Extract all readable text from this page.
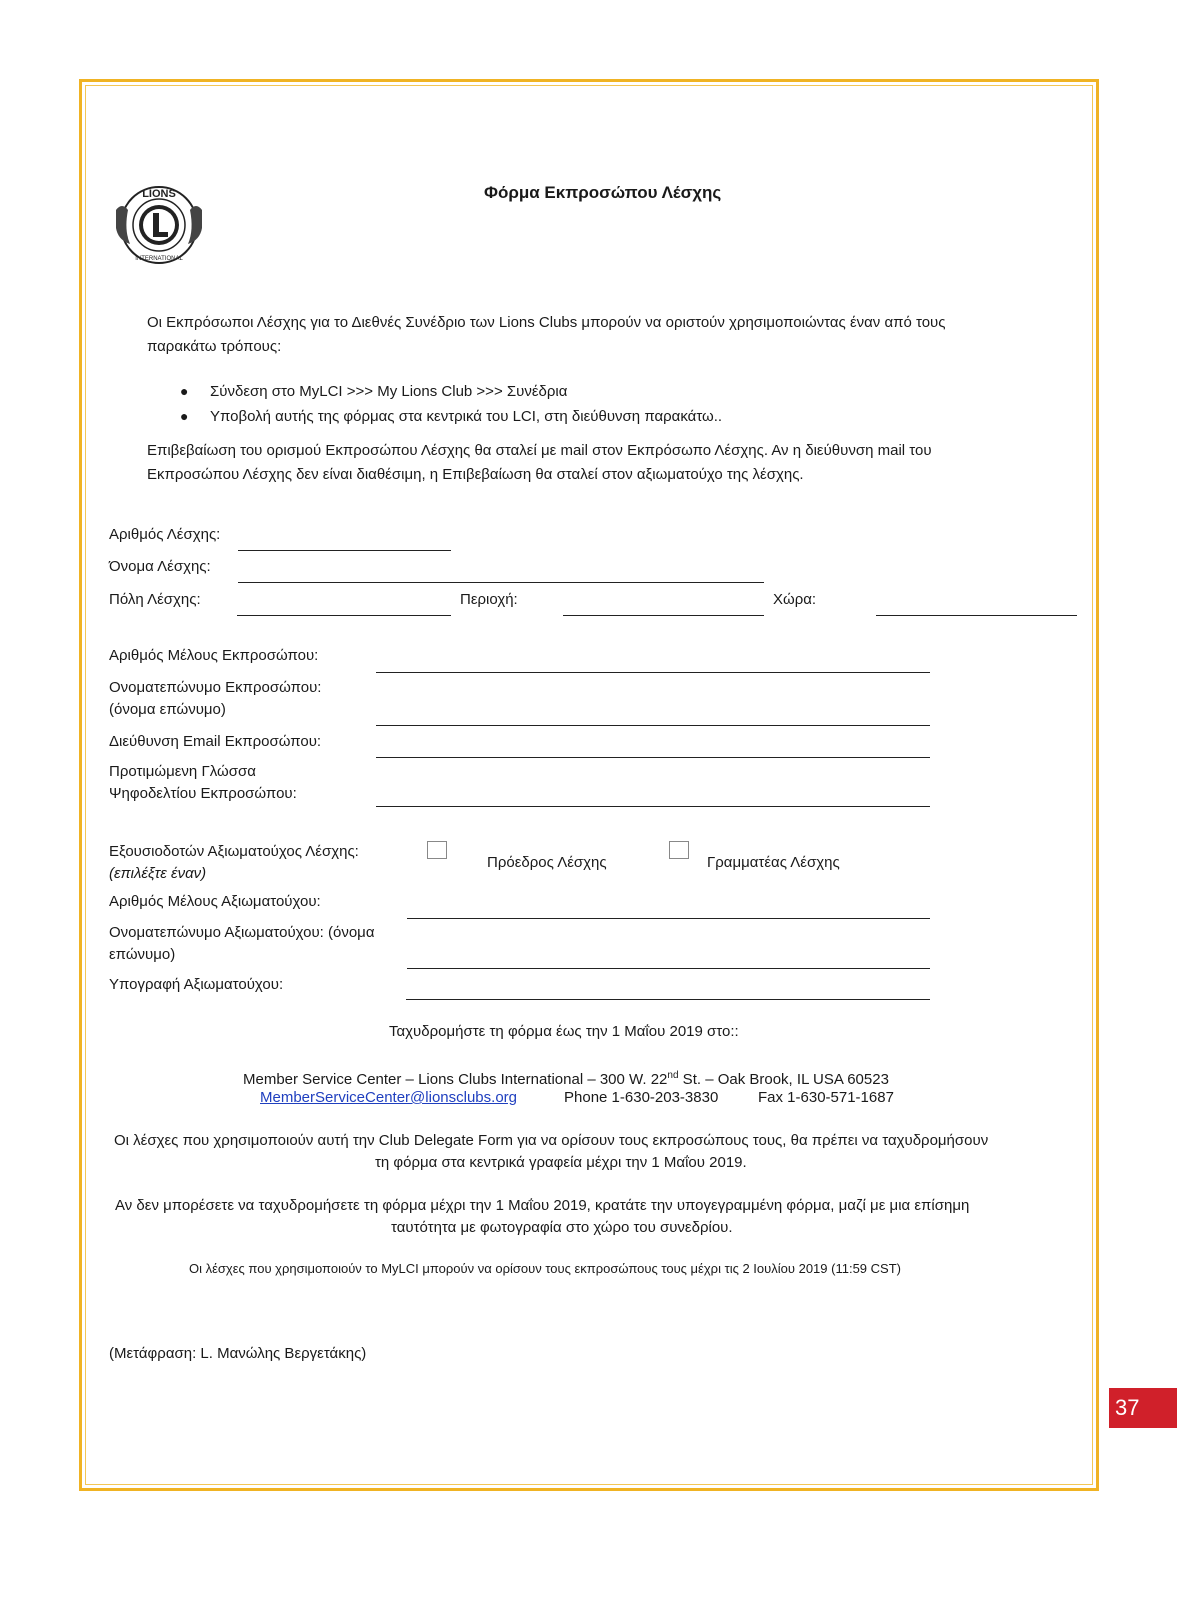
LIONS
INTERNATIONAL
Φόρμα Εκπροσώπου Λέσχης
Οι Εκπρόσωποι Λέσχης για το Διεθνές Συνέδριο των Lions Clubs μπορούν να οριστούν χρησιμοποιώντας έναν από τους
παρακάτω τρόπους:
● Σύνδεση στο MyLCI >>> My Lions Club >>> Συνέδρια
● Υποβολή αυτής της φόρμας στα κεντρικά του LCI, στη διεύθυνση παρακάτω..
Επιβεβαίωση του ορισμού Εκπροσώπου Λέσχης θα σταλεί με mail στον Εκπρόσωπο Λέσχης. Αν η διεύθυνση mail του
Εκπροσώπου Λέσχης δεν είναι διαθέσιμη, η Επιβεβαίωση θα σταλεί στον αξιωματούχο της λέσχης.
Αριθμός Λέσχης:
Όνομα Λέσχης:
Πόλη Λέσχης:	Περιοχή:	Χώρα:
Αριθμός Μέλους Εκπροσώπου:
Ονοματεπώνυμο Εκπροσώπου:
(όνομα επώνυμο)
Διεύθυνση Email Εκπροσώπου:
Προτιμώμενη Γλώσσα
Ψηφοδελτίου Εκπροσώπου:
Εξουσιοδοτών Αξιωματούχος Λέσχης:
(επιλέξτε έναν)
Πρόεδρος Λέσχης	Γραμματέας Λέσχης
Αριθμός Μέλους Αξιωματούχου:
Ονοματεπώνυμο Αξιωματούχου: (όνομα
επώνυμο)
Υπογραφή Αξιωματούχου:
Ταχυδρομήστε τη φόρμα έως την 1 Μαΐου 2019 στο::
Member Service Center – Lions Clubs International – 300 W. 22nd St. – Oak Brook, IL USA 60523
MemberServiceCenter@lionsclubs.org	Phone 1-630-203-3830	Fax 1-630-571-1687
Οι λέσχες που χρησιμοποιούν αυτή την Club Delegate Form για να ορίσουν τους εκπροσώπους τους, θα πρέπει να ταχυδρομήσουν
τη φόρμα στα κεντρικά γραφεία μέχρι την 1 Μαΐου 2019.
Αν δεν μπορέσετε να ταχυδρομήσετε τη φόρμα μέχρι την 1 Μαΐου 2019, κρατάτε την υπογεγραμμένη φόρμα, μαζί με μια επίσημη
ταυτότητα με φωτογραφία στο χώρο του συνεδρίου.
Οι λέσχες που χρησιμοποιούν το MyLCI μπορούν να ορίσουν τους εκπροσώπους τους μέχρι τις 2 Ιουλίου 2019 (11:59 CST)
(Μετάφραση: L. Μανώλης Βεργετάκης)
37
